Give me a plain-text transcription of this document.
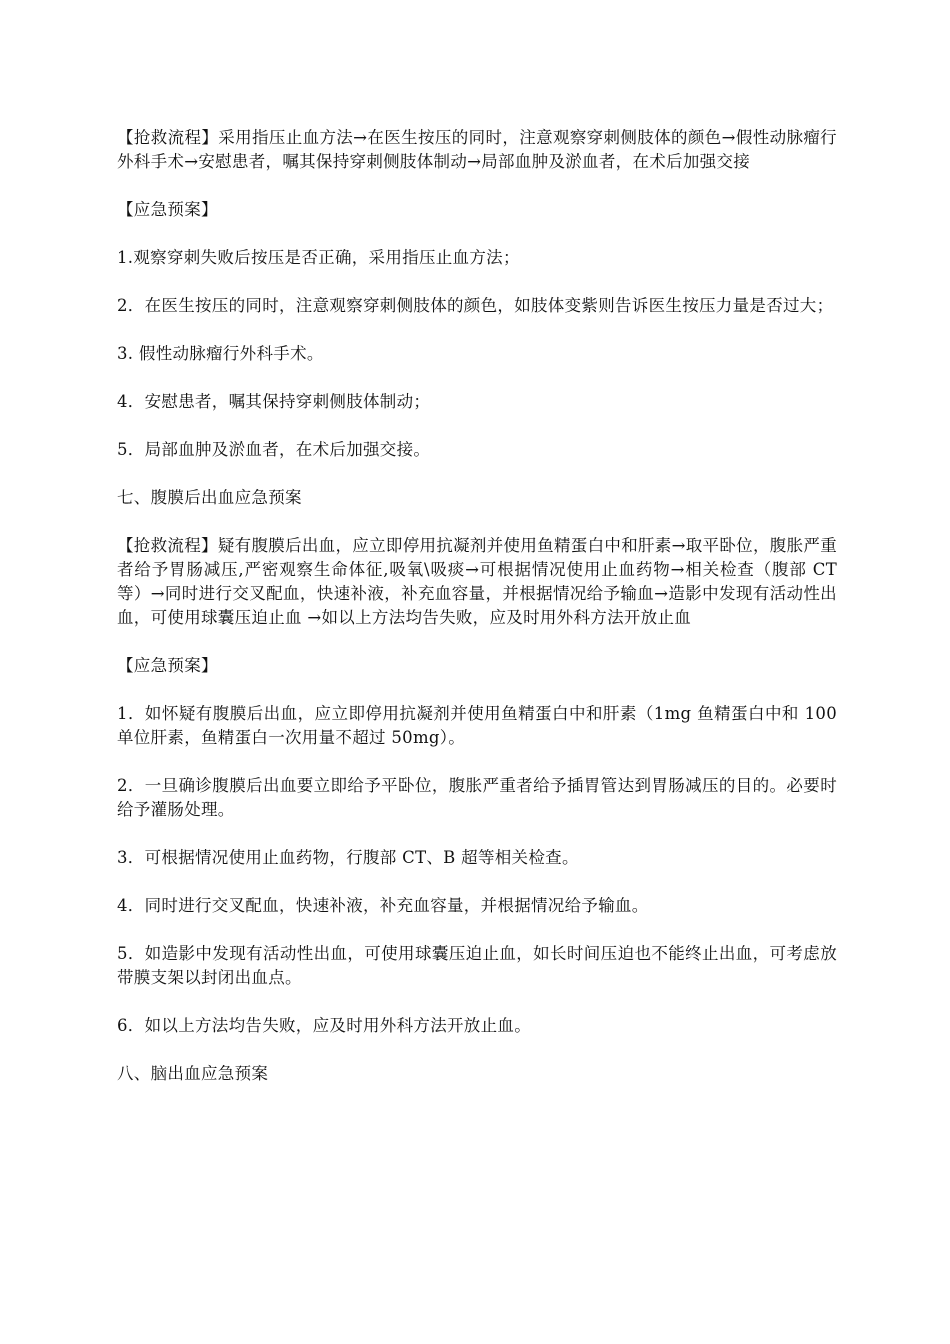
【抢救流程】采用指压止血方法→在医生按压的同时，注意观察穿刺侧肢体的颜色→假性动脉瘤行外科手术→安慰患者，嘱其保持穿刺侧肢体制动→局部血肿及淤血者，在术后加强交接

【应急预案】

1.观察穿刺失败后按压是否正确，采用指压止血方法；

2．在医生按压的同时，注意观察穿刺侧肢体的颜色，如肢体变紫则告诉医生按压力量是否过大；

3. 假性动脉瘤行外科手术。

4．安慰患者，嘱其保持穿刺侧肢体制动；

5．局部血肿及淤血者，在术后加强交接。

七、腹膜后出血应急预案

【抢救流程】疑有腹膜后出血，应立即停用抗凝剂并使用鱼精蛋白中和肝素→取平卧位，腹胀严重者给予胃肠减压,严密观察生命体征,吸氧\吸痰→可根据情况使用止血药物→相关检查（腹部 CT 等）→同时进行交叉配血，快速补液，补充血容量，并根据情况给予输血→造影中发现有活动性出血，可使用球囊压迫止血 →如以上方法均告失败，应及时用外科方法开放止血

【应急预案】

1．如怀疑有腹膜后出血，应立即停用抗凝剂并使用鱼精蛋白中和肝素（1mg 鱼精蛋白中和 100 单位肝素，鱼精蛋白一次用量不超过 50mg）。

2．一旦确诊腹膜后出血要立即给予平卧位，腹胀严重者给予插胃管达到胃肠减压的目的。必要时给予灌肠处理。

3．可根据情况使用止血药物，行腹部 CT、B 超等相关检查。

4．同时进行交叉配血，快速补液，补充血容量，并根据情况给予输血。

5．如造影中发现有活动性出血，可使用球囊压迫止血，如长时间压迫也不能终止出血，可考虑放带膜支架以封闭出血点。

6．如以上方法均告失败，应及时用外科方法开放止血。

八、脑出血应急预案
